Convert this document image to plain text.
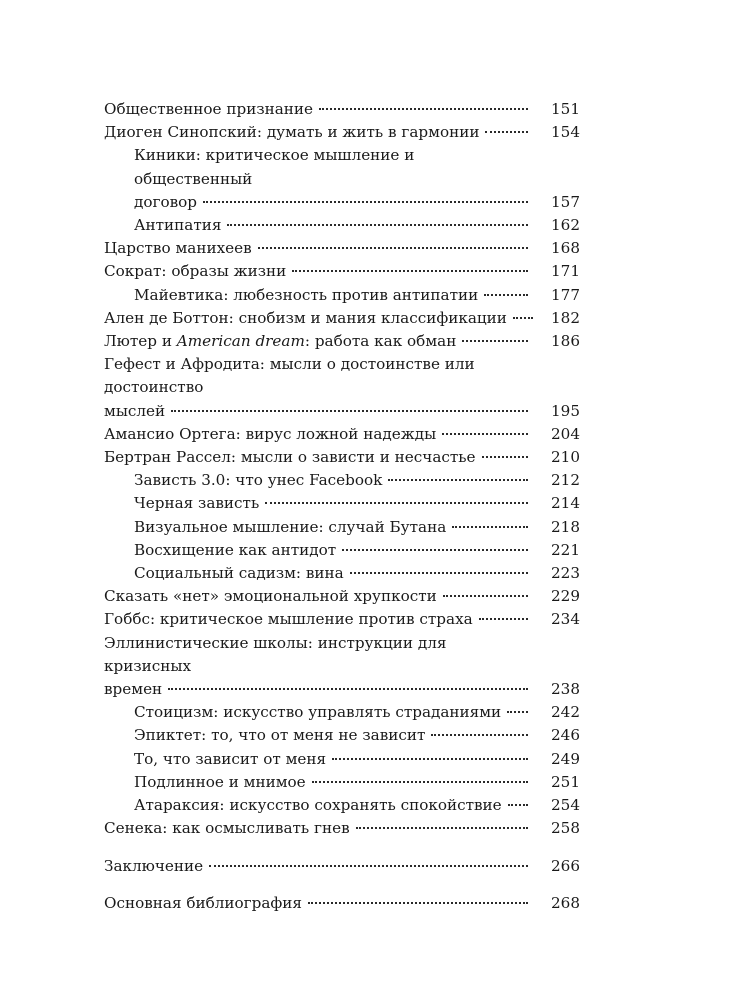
Общественное признание	151
Диоген Синопский: думать и жить в гармонии	154
Киники: критическое мышление и общественный
договор	157
Антипатия	162
Царство манихеев	168
Сократ: образы жизни	171
Майевтика: любезность против антипатии	177
Ален де Боттон: снобизм и мания классификации	182
Лютер и American dream: работа как обман	186
Гефест и Афродита: мысли о достоинстве или достоинство
мыслей	195
Амансио Ортега: вирус ложной надежды	204
Бертран Рассел: мысли о зависти и несчастье	210
Зависть 3.0: что унес Facebook	212
Черная зависть	214
Визуальное мышление: случай Бутана	218
Восхищение как антидот	221
Социальный садизм: вина	223
Сказать «нет» эмоциональной хрупкости	229
Гоббс: критическое мышление против страха	234
Эллинистические школы: инструкции для кризисных
времен	238
Стоицизм: искусство управлять страданиями	242
Эпиктет: то, что от меня не зависит	246
То, что зависит от меня	249
Подлинное и мнимое	251
Атараксия: искусство сохранять спокойствие	254
Сенека: как осмысливать гнев	258
Заключение	266
Основная библиография	268
